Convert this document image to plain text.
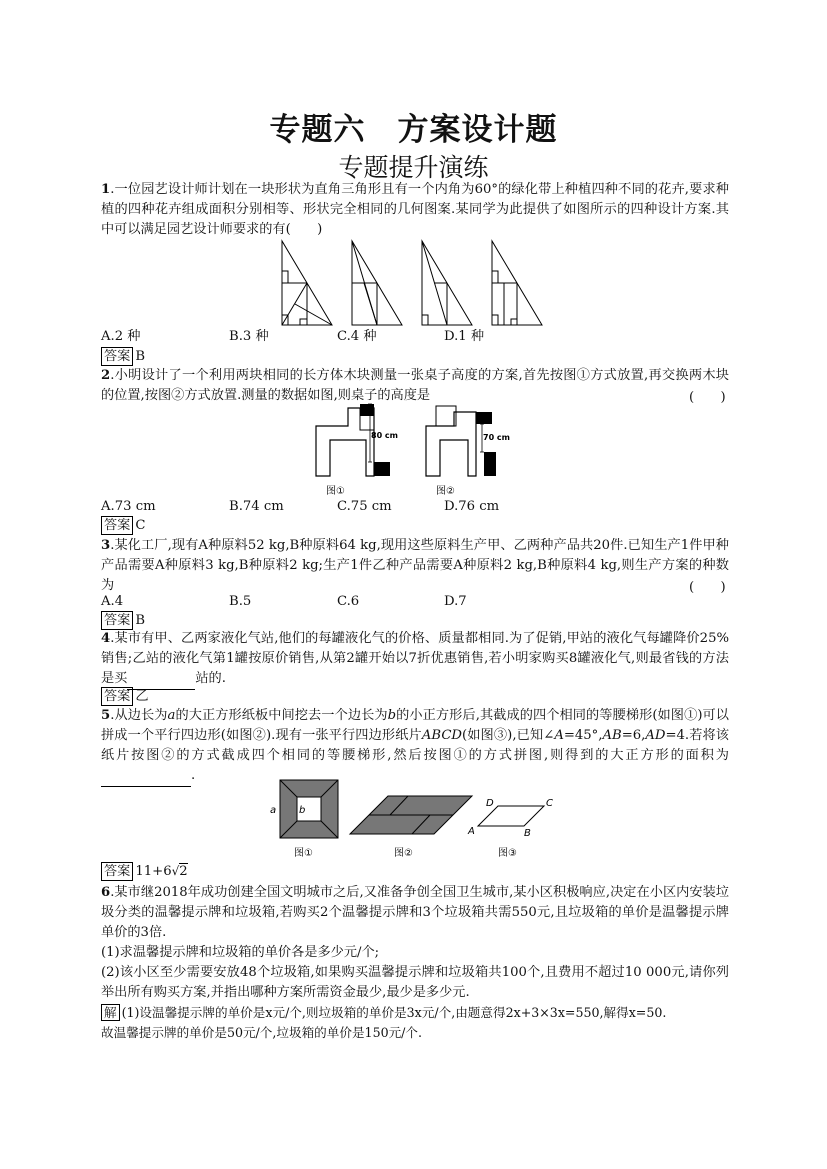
专题六　方案设计题
专题提升演练
1.一位园艺设计师计划在一块形状为直角三角形且有一个内角为60°的绿化带上种植四种不同的花卉,要求种植的四种花卉组成面积分别相等、形状完全相同的几何图案.某同学为此提供了如图所示的四种设计方案.其中可以满足园艺设计师要求的有(　　)
A.2 种	B.3 种	C.4 种	D.1 种
答案 B
2.小明设计了一个利用两块相同的长方体木块测量一张桌子高度的方案,首先按图①方式放置,再交换两木块的位置,按图②方式放置.测量的数据如图,则桌子的高度是	(　　)
80 cm
图①
70 cm
图②
A.73 cm	B.74 cm	C.75 cm	D.76 cm
答案 C
3.某化工厂,现有A种原料52 kg,B种原料64 kg,现用这些原料生产甲、乙两种产品共20件.已知生产1件甲种产品需要A种原料3 kg,B种原料2 kg;生产1件乙种产品需要A种原料2 kg,B种原料4 kg,则生产方案的种数为	(　　)
A.4	B.5	C.6	D.7
答案 B
4.某市有甲、乙两家液化气站,他们的每罐液化气的价格、质量都相同.为了促销,甲站的液化气每罐降价25%销售;乙站的液化气第1罐按原价销售,从第2罐开始以7折优惠销售,若小明家购买8罐液化气,则最省钱的方法是买	站的.
答案 乙
5.从边长为a的大正方形纸板中间挖去一个边长为b的小正方形后,其截成的四个相同的等腰梯形(如图①)可以拼成一个平行四边形(如图②).现有一张平行四边形纸片ABCD(如图③),已知∠A=45°,AB=6,AD=4.若将该纸片按图②的方式截成四个相同的等腰梯形,然后按图①的方式拼图,则得到的大正方形的面积为 .
a b
图①	图②
A	B
C
D
图③
答案 11+6√2
6.某市继2018年成功创建全国文明城市之后,又准备争创全国卫生城市,某小区积极响应,决定在小区内安装垃圾分类的温馨提示牌和垃圾箱,若购买2个温馨提示牌和3个垃圾箱共需550元,且垃圾箱的单价是温馨提示牌单价的3倍.
(1)求温馨提示牌和垃圾箱的单价各是多少元/个;
(2)该小区至少需要安放48个垃圾箱,如果购买温馨提示牌和垃圾箱共100个,且费用不超过10 000元,请你列举出所有购买方案,并指出哪种方案所需资金最少,最少是多少元.
解 (1)设温馨提示牌的单价是x元/个,则垃圾箱的单价是3x元/个,由题意得2x+3×3x=550,解得x=50.
故温馨提示牌的单价是50元/个,垃圾箱的单价是150元/个.
